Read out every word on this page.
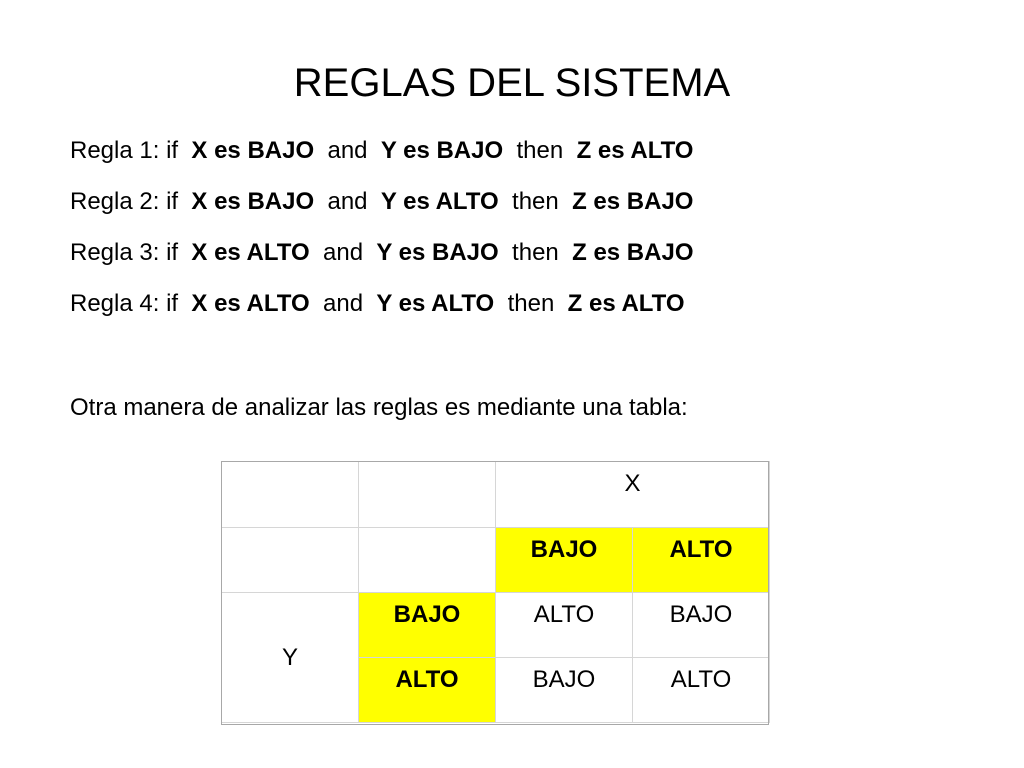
REGLAS DEL SISTEMA
Regla 1: if X es BAJO and Y es BAJO then Z es ALTO
Regla 2: if X es BAJO and Y es ALTO then Z es BAJO
Regla 3: if X es ALTO and Y es BAJO then Z es BAJO
Regla 4: if X es ALTO and Y es ALTO then Z es ALTO
Otra manera de analizar las reglas es mediante una tabla:

		X	

		BAJO	ALTO

Y	BAJO	ALTO	BAJO

	ALTO	BAJO	ALTO
